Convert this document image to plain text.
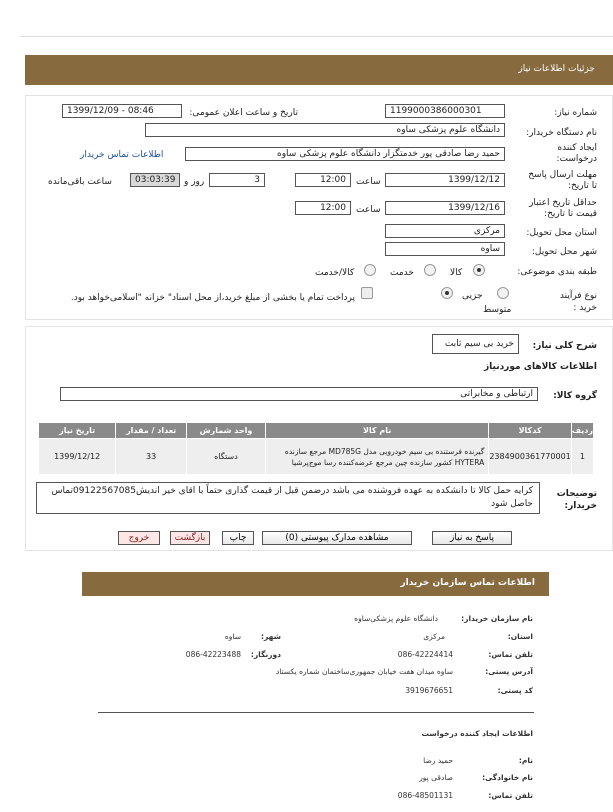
جزئیات اطلاعات نیاز
شماره نیاز:
1199000386000301
تاریخ و ساعت اعلان عمومی:
1399/12/09 - 08:46
نام دستگاه خریدار:
دانشگاه علوم پزشکی ساوه
ایجاد کننده درخواست:
حمید رضا صادقی پور خدمتگزار دانشگاه علوم پزشکی ساوه
اطلاعات تماس خریدار
مهلت ارسال پاسخ تا تاریخ:
1399/12/12
ساعت
12:00
3
روز و
03:03:39
ساعت باقی‌مانده
حداقل تاریخ اعتبار قیمت تا تاریخ:
1399/12/16
ساعت
12:00
استان محل تحویل:
مرکزی
شهر محل تحویل:
ساوه
طبقه بندی موضوعی:
کالا
خدمت
کالا/خدمت
نوع فرآیند خرید :
جزیی
متوسط
پرداخت تمام یا بخشی از مبلغ خرید،از محل اسناد" خزانه "اسلامی‌خواهد بود.
شرح کلی نیاز:
خرید بی سیم ثابت
اطلاعات کالاهای موردنیاز
گروه کالا:
ارتباطی و مخابراتی
ردیف	کدکالا	نام کالا	واحد شمارش	تعداد / مقدار	تاریخ نیاز
1	2384900361770001	گیرنده فرستنده بی سیم خودرویی مدل MD785G مرجع سازنده HYTERA کشور سازنده چین مرجع عرضه‌کننده رسا موج‌پرشیا	دستگاه	33	1399/12/12
توضیحات خریدار:
کرایه حمل کالا تا دانشکده به عهده فروشنده می باشد درضمن قبل از قیمت گذاری حتماً با اقای خیر اندیش09122567085تماس حاصل شود
پاسخ به نیاز
مشاهده مدارک پیوستی (0)
چاپ
بازگشت
خروج
اطلاعات تماس سازمان خریدار
نام سازمان خریدار:
دانشگاه علوم پزشکی‌ساوه
استان:
مرکزی
شهر:
ساوه
تلفن تماس:
086-42224414
دورنگار:
086-42223488
آدرس پستی:
ساوه میدان هفت خیابان جمهوری‌ساختمان شماره یکستاد
کد پستی:
3919676651
اطلاعات ایجاد کننده درخواست
نام:
حمید رضا
نام خانوادگی:
صادقی پور
تلفن تماس:
086-48501131
